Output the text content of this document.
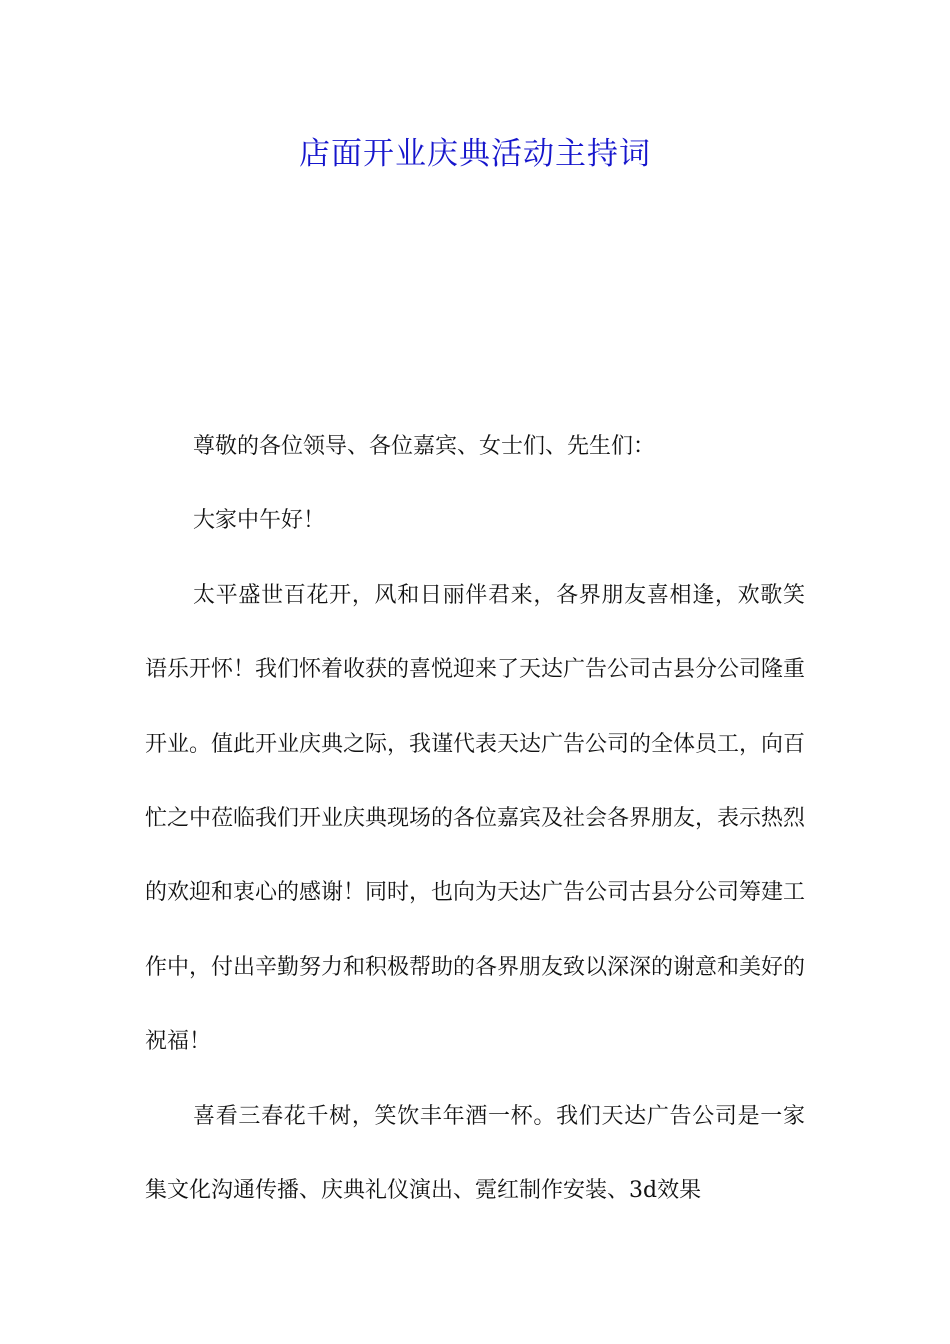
店面开业庆典活动主持词

尊敬的各位领导、各位嘉宾、女士们、先生们：

大家中午好！

太平盛世百花开，风和日丽伴君来，各界朋友喜相逢，欢歌笑语乐开怀！我们怀着收获的喜悦迎来了天达广告公司古县分公司隆重开业。值此开业庆典之际，我谨代表天达广告公司的全体员工，向百忙之中莅临我们开业庆典现场的各位嘉宾及社会各界朋友，表示热烈的欢迎和衷心的感谢！同时，也向为天达广告公司古县分公司筹建工作中，付出辛勤努力和积极帮助的各界朋友致以深深的谢意和美好的祝福！

喜看三春花千树，笑饮丰年酒一杯。我们天达广告公司是一家集文化沟通传播、庆典礼仪演出、霓红制作安装、3d效果
